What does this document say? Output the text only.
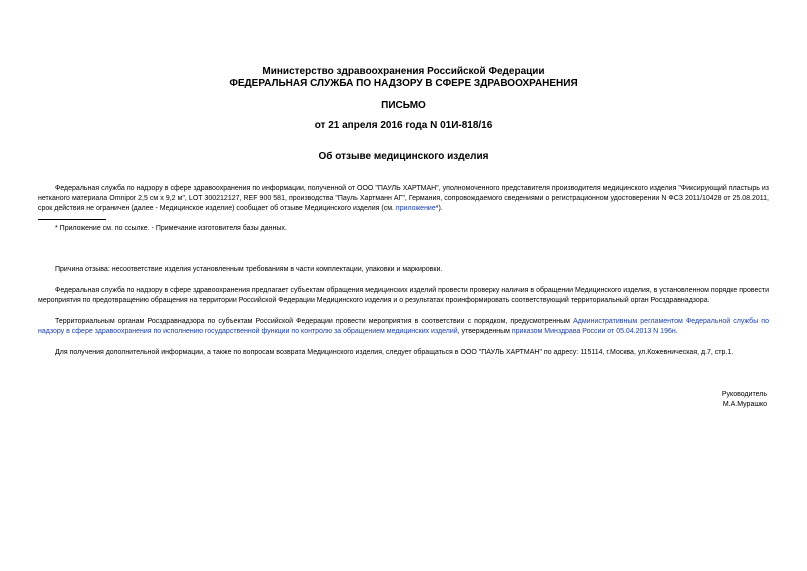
Министерство здравоохранения Российской Федерации
ФЕДЕРАЛЬНАЯ СЛУЖБА ПО НАДЗОРУ В СФЕРЕ ЗДРАВООХРАНЕНИЯ
ПИСЬМО
от 21 апреля 2016 года N 01И-818/16
Об отзыве медицинского изделия
Федеральная служба по надзору в сфере здравоохранения по информации, полученной от ООО "ПАУЛЬ ХАРТМАН", уполномоченного представителя производителя медицинского изделия "Фиксирующий пластырь из нетканого материала Omnipor 2,5 см х 9,2 м", LOT 300212127, REF 900 581, производства "Пауль Хартманн АГ", Германия, сопровождаемого сведениями о регистрационном удостоверении N ФСЗ 2011/10428 от 25.08.2011, срок действия не ограничен (далее - Медицинское изделие) сообщает об отзыве Медицинского изделия (см. приложение*).
* Приложение см. по ссылке. - Примечание изготовителя базы данных.
Причина отзыва: несоответствие изделия установленным требованиям в части комплектации, упаковки и маркировки.
Федеральная служба по надзору в сфере здравоохранения предлагает субъектам обращения медицинских изделий провести проверку наличия в обращении Медицинского изделия, в установленном порядке провести мероприятия по предотвращению обращения на территории Российской Федерации Медицинского изделия и о результатах проинформировать соответствующий территориальный орган Росздравнадзора.
Территориальным органам Росздравнадзора по субъектам Российской Федерации провести мероприятия в соответствии с порядком, предусмотренным Административным регламентом Федеральной службы по надзору в сфере здравоохранения по исполнению государственной функции по контролю за обращением медицинских изделий, утвержденным приказом Минздрава России от 05.04.2013 N 196н.
Для получения дополнительной информации, а также по вопросам возврата Медицинского изделия, следует обращаться в ООО "ПАУЛЬ ХАРТМАН" по адресу: 115114, г.Москва, ул.Кожевническая, д.7, стр.1.
Руководитель
М.А.Мурашко
